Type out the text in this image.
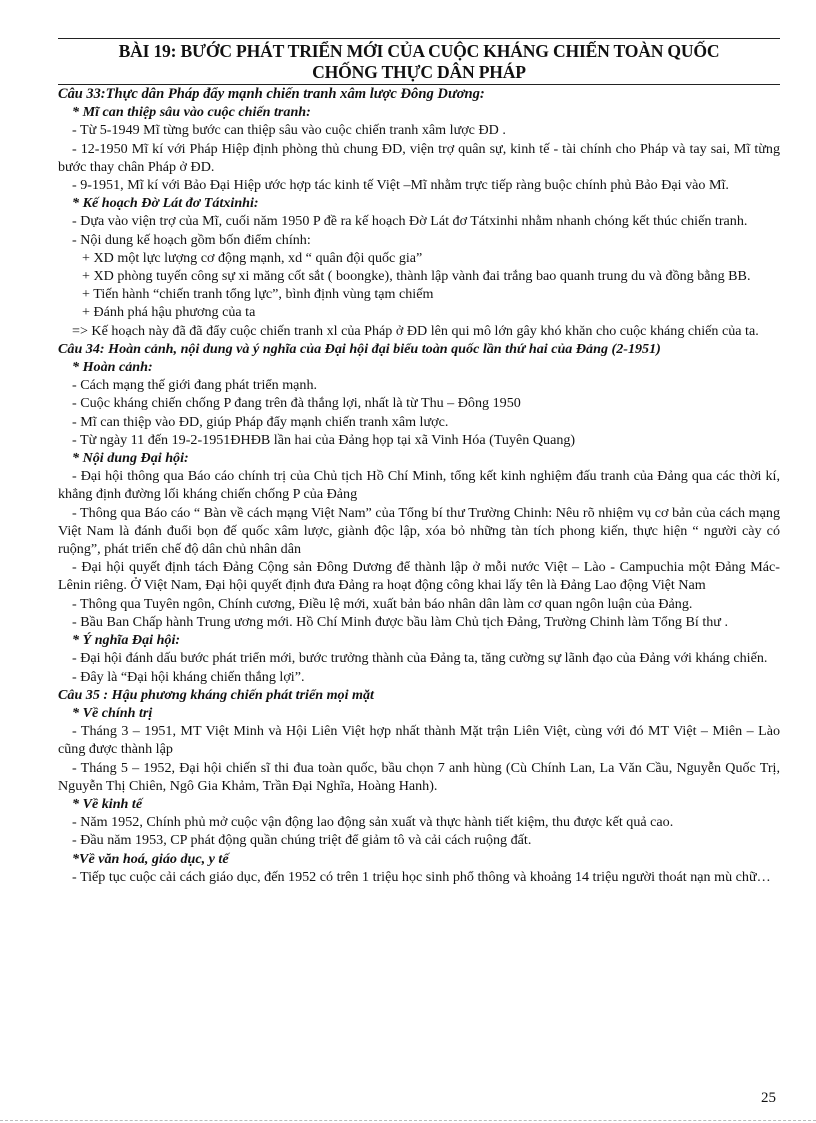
BÀI 19: BƯỚC PHÁT TRIỂN MỚI CỦA CUỘC KHÁNG CHIẾN TOÀN QUỐC
CHỐNG THỰC DÂN PHÁP

Câu 33:Thực dân Pháp đẩy mạnh chiến tranh xâm lược Đông Dương:

* Mĩ can thiệp sâu vào cuộc chiến tranh:

- Từ 5-1949 Mĩ từng bước can thiệp sâu vào cuộc chiến tranh xâm lược ĐD .

- 12-1950 Mĩ kí với Pháp Hiệp định phòng thủ chung ĐD, viện trợ quân sự, kinh tế - tài chính cho Pháp và tay sai, Mĩ từng bước thay chân Pháp ở ĐD.

- 9-1951, Mĩ kí với Bảo Đại Hiệp ước hợp tác kinh tế Việt –Mĩ nhằm trực tiếp ràng buộc chính phủ Bảo Đại vào Mĩ.

* Kế hoạch Đờ Lát đơ Tátxinhi:

- Dựa vào viện trợ của Mĩ, cuối năm 1950 P đề ra kế hoạch Đờ Lát đơ Tátxinhi nhằm nhanh chóng kết thúc chiến tranh.

- Nội dung kế hoạch gồm bốn điểm chính:

+ XD một lực lượng cơ động mạnh, xd “ quân đội quốc gia”

+ XD phòng tuyến công sự xi măng cốt sắt ( boongke), thành lập vành đai trắng bao quanh trung du và đồng bằng BB.

+ Tiến hành “chiến tranh tổng lực”, bình định vùng tạm chiếm

+ Đánh phá hậu phương của ta

=> Kế hoạch này đã đã đẩy cuộc chiến tranh xl của Pháp ở ĐD lên qui mô lớn gây khó khăn cho cuộc kháng chiến của ta.

Câu 34: Hoàn cảnh, nội dung và ý nghĩa của Đại hội đại biểu toàn quốc lần thứ hai của Đảng (2-1951)

* Hoàn cảnh:

- Cách mạng thế giới đang phát triển mạnh.

- Cuộc kháng chiến chống P đang trên đà thắng lợi, nhất là từ Thu – Đông 1950

- Mĩ can thiệp vào ĐD, giúp Pháp đẩy mạnh chiến tranh xâm lược.

- Từ ngày 11 đến 19-2-1951ĐHĐB lần hai của Đảng họp tại xã Vinh Hóa (Tuyên Quang)

* Nội dung Đại hội:

- Đại hội thông qua Báo cáo chính trị của Chủ tịch Hồ Chí Minh, tổng kết kinh nghiệm đấu tranh của Đảng qua các thời kí, khẳng định đường lối kháng chiến chống P của Đảng

- Thông qua Báo cáo “ Bàn về cách mạng Việt Nam” của Tổng bí thư Trường Chinh: Nêu rõ nhiệm vụ cơ bản của cách mạng Việt Nam là đánh đuổi bọn đế quốc xâm lược, giành độc lập, xóa bỏ những tàn tích phong kiến, thực hiện “ người cày có ruộng”, phát triển chế độ dân chủ nhân dân

- Đại hội quyết định tách Đảng Cộng sản Đông Dương để thành lập ở mỗi nước Việt – Lào - Campuchia một Đảng Mác- Lênin riêng. Ở Việt Nam, Đại hội quyết định đưa Đảng ra hoạt động công khai lấy tên là Đảng Lao động Việt Nam

- Thông qua Tuyên ngôn, Chính cương, Điều lệ mới, xuất bản báo nhân dân làm cơ quan ngôn luận của Đảng.

- Bầu Ban Chấp hành Trung ương mới. Hồ Chí Minh được bầu làm Chủ tịch Đảng, Trường Chinh làm Tổng Bí thư .

* Ý nghĩa Đại hội:

- Đại hội đánh dấu bước phát triển mới, bước trưởng thành của Đảng ta, tăng cường sự lãnh đạo của Đảng với kháng chiến.

- Đây là “Đại hội kháng chiến thắng lợi”.

Câu 35 : Hậu phương kháng chiến phát triển mọi mặt

* Về chính trị

- Tháng 3 – 1951, MT Việt Minh và Hội Liên Việt hợp nhất thành Mặt trận Liên Việt, cùng với đó MT Việt – Miên – Lào cũng được thành lập

- Tháng 5 – 1952, Đại hội chiến sĩ thi đua toàn quốc, bầu chọn 7 anh hùng (Cù Chính Lan, La Văn Cầu, Nguyễn Quốc Trị, Nguyễn Thị Chiên, Ngô Gia Khảm, Trần Đại Nghĩa, Hoàng Hanh).

* Về kinh tế

- Năm 1952, Chính phủ mở cuộc vận động lao động sản xuất và thực hành tiết kiệm, thu được kết quả cao.

- Đầu năm 1953, CP phát động quần chúng triệt để giảm tô và cải cách ruộng đất.

*Về văn hoá, giáo dục, y tế

- Tiếp tục cuộc cải cách giáo dục, đến 1952 có trên 1 triệu học sinh phổ thông và khoảng 14 triệu người thoát nạn mù chữ…

25
